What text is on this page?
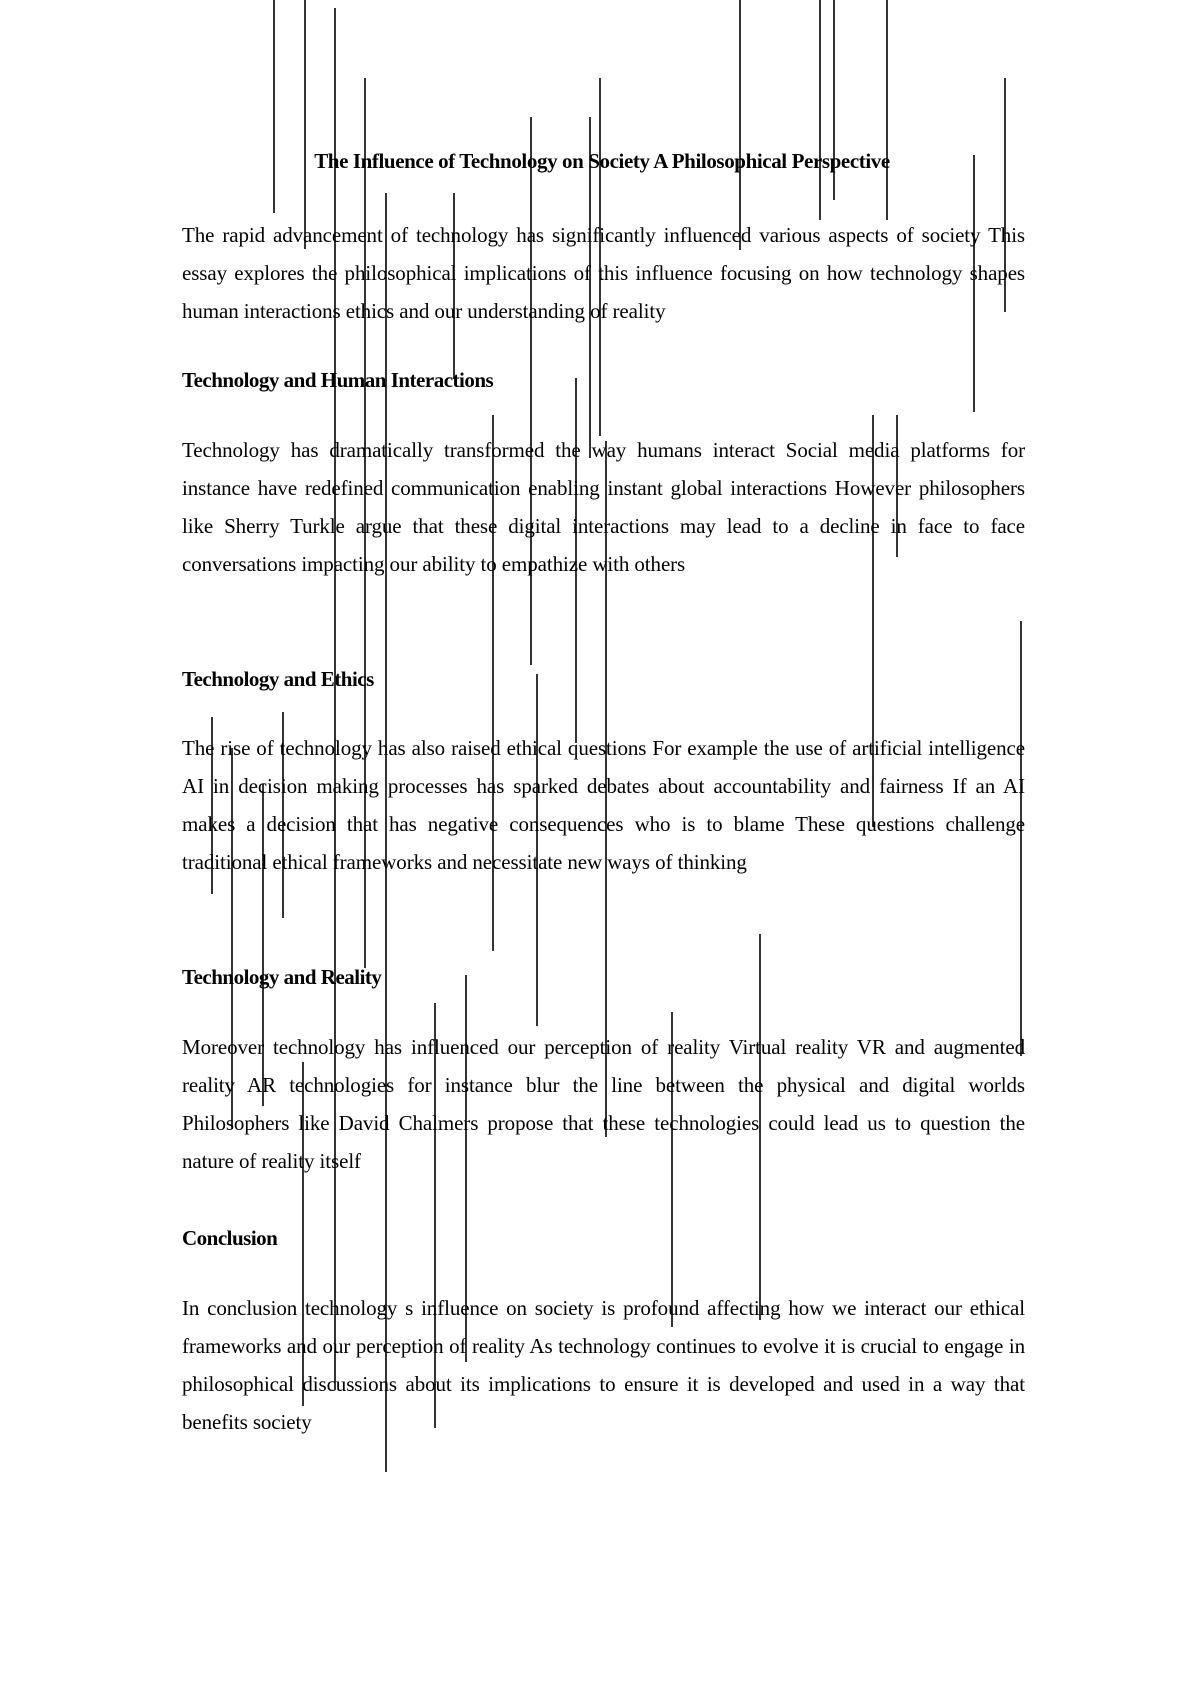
The Influence of Technology on Society A Philosophical Perspective

The rapid advancement of technology has significantly influenced various aspects of society This essay explores the philosophical implications of this influence focusing on how technology shapes human interactions ethics and our understanding of reality

Technology and Human Interactions

Technology has dramatically transformed the way humans interact Social media platforms for instance have redefined communication enabling instant global interactions However philosophers like Sherry Turkle argue that these digital interactions may lead to a decline in face to face conversations impacting our ability to empathize with others

Technology and Ethics

The rise of technology has also raised ethical questions For example the use of artificial intelligence AI in decision making processes has sparked debates about accountability and fairness If an AI makes a decision that has negative consequences who is to blame These questions challenge traditional ethical frameworks and necessitate new ways of thinking

Technology and Reality

Moreover technology has influenced our perception of reality Virtual reality VR and augmented reality AR technologies for instance blur the line between the physical and digital worlds Philosophers like David Chalmers propose that these technologies could lead us to question the nature of reality itself

Conclusion

In conclusion technology s influence on society is profound affecting how we interact our ethical frameworks and our perception of reality As technology continues to evolve it is crucial to engage in philosophical discussions about its implications to ensure it is developed and used in a way that benefits society
